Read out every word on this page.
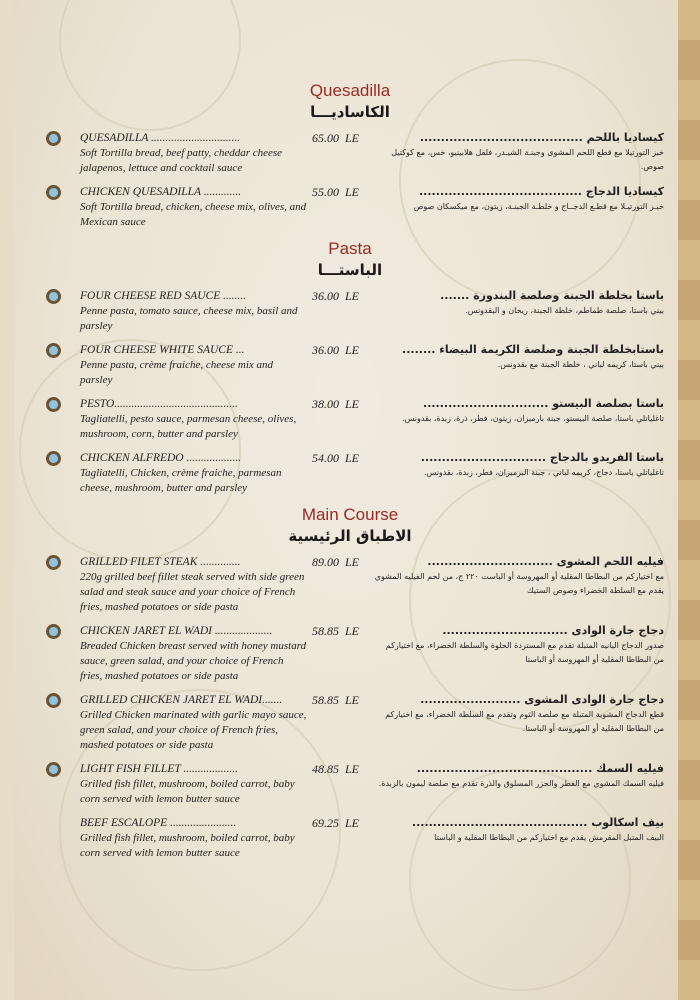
Quesadilla
الكاساديـــا
QUESADILLA ...............................
Soft Tortilla bread, beef patty, cheddar cheese jalapenos, lettuce and cocktail sauce
65.00  LE	كيساديا باللحم .......................................
خبز التورتيلا مع قطع اللحم المشوى وجبنـة الشيـدر، فلفل هلابينيو، خس، مع كوكتيل صوص.
CHICKEN QUESADILLA .............
Soft Tortilla bread, chicken, cheese mix, olives, and Mexican sauce
55.00  LE	كيساديا الدجاج .......................................
خبـز التورتيـلا مع قطـع الدجــاج و خلطـة الجبنـة، زيتون، مع ميكسكان صوص
Pasta
الباستـــا
FOUR CHEESE RED SAUCE ........
Penne pasta, tomato sauce, cheese mix, basil and parsley
36.00  LE	باستا بخلطة الجبنة وصلصة البندورة .......
بيني باستا، صلصة طماطم، خلطة الجبنة، ريحان و البقدونس.
FOUR CHEESE WHITE SAUCE ...
Penne pasta, crème fraiche, cheese mix and parsley
36.00  LE	باستابخلطة الجبنة وصلصة الكريمة البيضاء ........
بيني باستا، كريمه لباني ، خلطة الجبنة مع بقدونس.
PESTO...........................................
Tagliatelli, pesto sauce, parmesan cheese, olives, mushroom, corn, butter and parsley
38.00  LE	باستا بصلصة البيستو ..............................
تاغلياتلي باستا، صلصة البيستو، جبنة بارميزان، زيتون، فطر، ذرة، زبدة، بقدونس.
CHICKEN ALFREDO ...................
Tagliatelli, Chicken, crème fraiche, parmesan cheese, mushroom, butter and parsley
54.00  LE	باستا الفريدو بالدجاج ..............................
تاغلياتلي باستا، دجاج، كريمه لباني ، جبنة البرميزان، فطر، زبدة، بقدونس.
Main Course
الاطباق الرئيسية
GRILLED FILET STEAK ..............
220g grilled beef fillet steak served with side green salad and steak sauce and your choice of French fries, mashed potatoes or side pasta
89.00  LE	فيليه اللحم المشوى ..............................
مع اختياركم من البطاطا المقلية أو المهروسة أو الباست ٢٢٠ ج، من لحم الفيليه المشوي يقدم مع السلطة الخضراء وصوص الستيك
CHICKEN JARET EL WADI ....................
Breaded Chicken breast served with honey mustard sauce, green salad, and your choice of French fries, mashed potatoes or side pasta
58.85  LE	دجاج جارة الوادى ..............................
صدور الدجاج البانيه المتبلة تقدم مع المستردة الحلوة والسلطة الخضراء، مع اختياركم من البطاطا المقلية أو المهروسة أو الباستا
GRILLED CHICKEN JARET EL WADI.......
Grilled Chicken marinated with garlic mayo sauce, green salad, and your choice of French fries, mashed potatoes or side pasta
58.85  LE	دجاج جارة الوادى المشوى ........................
قطع الدجاج المشوية المتبلة مع صلصة الثوم وتقدم مع السلطة الخضراء، مع اختياركم من البطاطا المقلية أو المهروسة أو الباستا.
LIGHT FISH FILLET ...................
Grilled fish fillet, mushroom, boiled carrot, baby corn served with lemon butter sauce
48.85  LE	فيليه السمك ..........................................
فيليه السمك المشوي مع الفطر والجزر المسلوق والذرة تقدم مع صلصة ليمون بالزبدة.
BEEF ESCALOPE .......................
Grilled fish fillet, mushroom, boiled carrot, baby corn served with lemon butter sauce
69.25  LE	بيف اسكالوب ..........................................
البيف المتبل المقرمش يقدم مع اختياركم من البطاطا المقلية و الباستا
